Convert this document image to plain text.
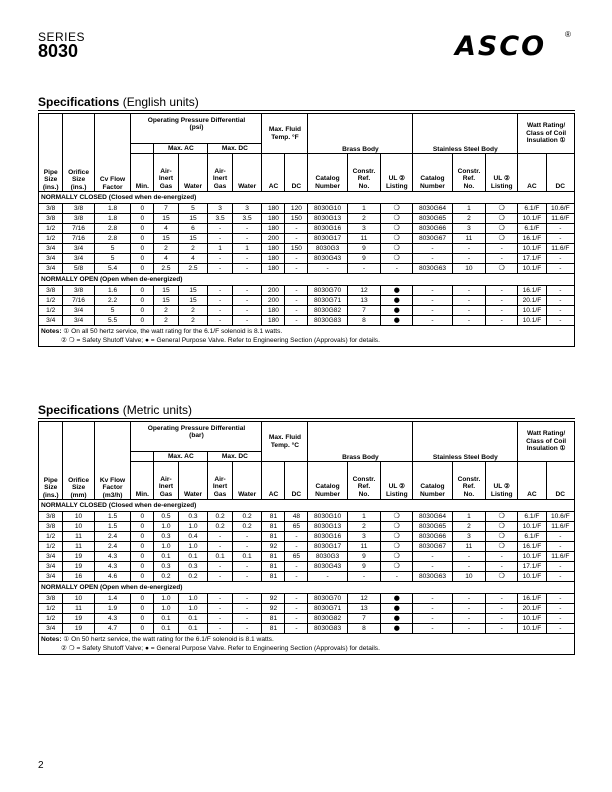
SERIES
8030	ASCO	®
Specifications (English units)
Pipe
Size
(ins.)	Orifice
Size
(ins.)	Cv Flow
Factor	Operating Pressure Differential
(psi)					Max. Fluid
Temp. °F		Brass Body			Stainless Steel Body			Watt Rating/
Class of Coil
Insulation ①	
				Max. AC		Max. DC											
			Min.	Air-
Inert
Gas	Water	Air-
Inert
Gas	Water	AC	DC	Catalog
Number	Constr.
Ref.
No.	UL ②
Listing	Catalog
Number	Constr.
Ref.
No.	UL ②
Listing	AC	DC
NORMALLY CLOSED (Closed when de-energized)																	
3/8	3/8	1.8	0	7	5	3	3	180	120	8030G10	1	❍	8030G64	1	❍	6.1/F	10.6/F
3/8	3/8	1.8	0	15	15	3.5	3.5	180	150	8030G13	2	❍	8030G65	2	❍	10.1/F	11.6/F
1/2	7/16	2.8	0	4	6	-	-	180	-	8030G16	3	❍	8030G66	3	❍	6.1/F	-
1/2	7/16	2.8	0	15	15	-	-	200	-	8030G17	11	❍	8030G67	11	❍	16.1/F	-
3/4	3/4	5	0	2	2	1	1	180	150	8030G3	9	❍	-	-	-	10.1/F	11.6/F
3/4	3/4	5	0	4	4	-	-	180	-	8030G43	9	❍	-	-	-	17.1/F	-
3/4	5/8	5.4	0	2.5	2.5	-	-	180	-	-	-	-	8030G63	10	❍	10.1/F	-
NORMALLY OPEN (Open when de-energized)																	
3/8	3/8	1.6	0	15	15	-	-	200	-	8030G70	12	●	-	-	-	16.1/F	-
1/2	7/16	2.2	0	15	15	-	-	200	-	8030G71	13	●	-	-	-	20.1/F	-
1/2	3/4	5	0	2	2	-	-	180	-	8030G82	7	●	-	-	-	10.1/F	-
3/4	3/4	5.5	0	2	2	-	-	180	-	8030G83	8	●	-	-	-	10.1/F	-
Notes: ① On all 50 hertz service, the watt rating for the 6.1/F solenoid is 8.1 watts.
② ❍ = Safety Shutoff Valve; ● = General Purpose Valve. Refer to Engineering Section (Approvals) for details.																	
Specifications (Metric units)
Pipe
Size
(ins.)	Orifice
Size
(mm)	Kv Flow
Factor
(m3/h)	Operating Pressure Differential
(bar)					Max. Fluid
Temp. °C		Brass Body			Stainless Steel Body			Watt Rating/
Class of Coil
Insulation ①	
				Max. AC		Max. DC											
			Min.	Air-
Inert
Gas	Water	Air-
Inert
Gas	Water	AC	DC	Catalog
Number	Constr.
Ref.
No.	UL ②
Listing	Catalog
Number	Constr.
Ref.
No.	UL ②
Listing	AC	DC
NORMALLY CLOSED (Closed when de-energized)																	
3/8	10	1.5	0	0.5	0.3	0.2	0.2	81	48	8030G10	1	❍	8030G64	1	❍	6.1/F	10.6/F
3/8	10	1.5	0	1.0	1.0	0.2	0.2	81	65	8030G13	2	❍	8030G65	2	❍	10.1/F	11.6/F
1/2	11	2.4	0	0.3	0.4	-	-	81	-	8030G16	3	❍	8030G66	3	❍	6.1/F	-
1/2	11	2.4	0	1.0	1.0	-	-	92	-	8030G17	11	❍	8030G67	11	❍	16.1/F	-
3/4	19	4.3	0	0.1	0.1	0.1	0.1	81	65	8030G3	9	❍	-	-	-	10.1/F	11.6/F
3/4	19	4.3	0	0.3	0.3	-	-	81	-	8030G43	9	❍	-	-	-	17.1/F	-
3/4	16	4.6	0	0.2	0.2	-	-	81	-	-	-	-	8030G63	10	❍	10.1/F	-
NORMALLY OPEN (Open when de-energized)																	
3/8	10	1.4	0	1.0	1.0	-	-	92	-	8030G70	12	●	-	-	-	16.1/F	-
1/2	11	1.9	0	1.0	1.0	-	-	92	-	8030G71	13	●	-	-	-	20.1/F	-
1/2	19	4.3	0	0.1	0.1	-	-	81	-	8030G82	7	●	-	-	-	10.1/F	-
3/4	19	4.7	0	0.1	0.1	-	-	81	-	8030G83	8	●	-	-	-	10.1/F	-
Notes: ① On 50 hertz service, the watt rating for the 6.1/F solenoid is 8.1 watts.
② ❍ = Safety Shutoff Valve; ● = General Purpose Valve. Refer to Engineering Section (Approvals) for details.																	
2
